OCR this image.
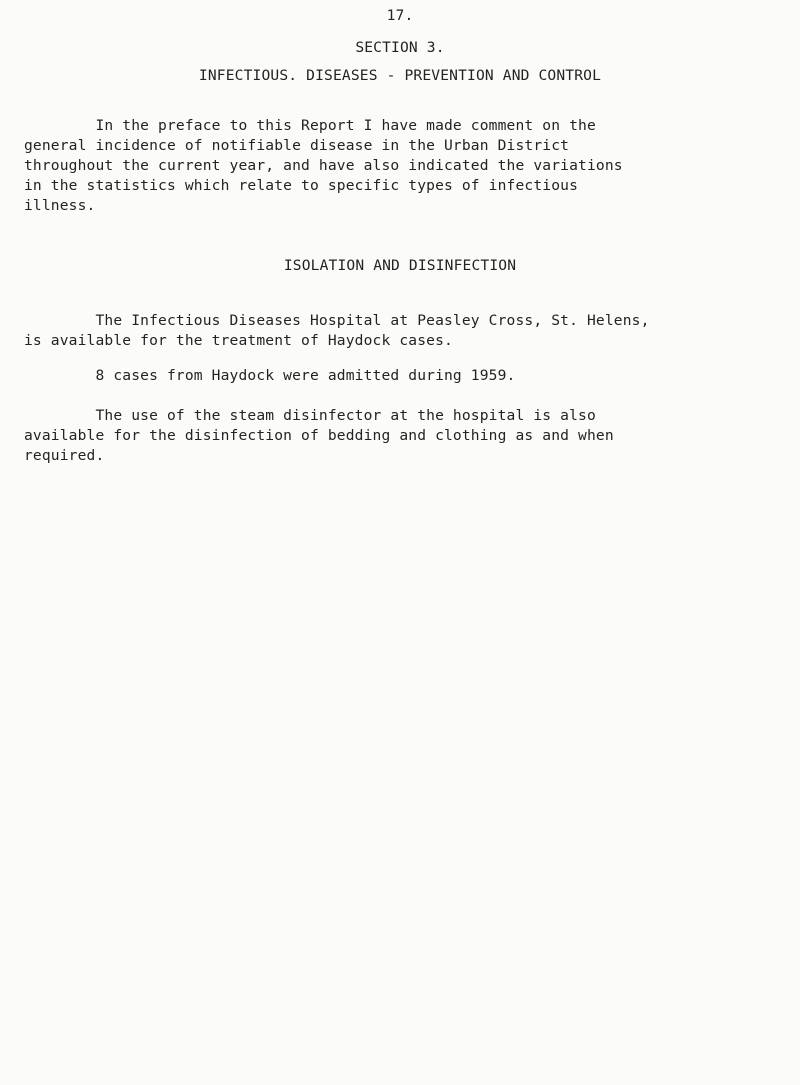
17.
SECTION 3.
INFECTIOUS. DISEASES - PREVENTION AND CONTROL
In the preface to this Report I have made comment on the
general incidence of notifiable disease in the Urban District
throughout the current year, and have also indicated the variations
in the statistics which relate to specific types of infectious
illness.
ISOLATION AND DISINFECTION
The Infectious Diseases Hospital at Peasley Cross, St. Helens,
is available for the treatment of Haydock cases.
8 cases from Haydock were admitted during 1959.
The use of the steam disinfector at the hospital is also
available for the disinfection of bedding and clothing as and when
required.
